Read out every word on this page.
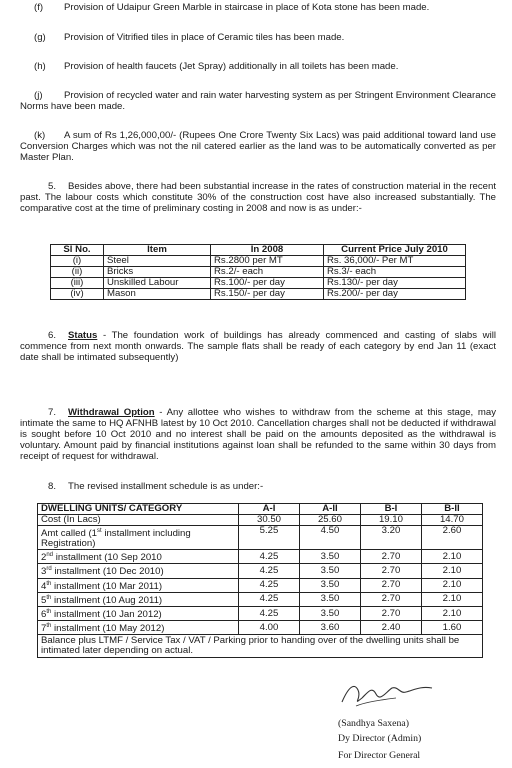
(f) Provision of Udaipur Green Marble in staircase in place of Kota stone has been made.
(g) Provision of Vitrified tiles in place of Ceramic tiles has been made.
(h) Provision of health faucets (Jet Spray) additionally in all toilets has been made.
(j) Provision of recycled water and rain water harvesting system as per Stringent Environment Clearance Norms have been made.
(k) A sum of Rs 1,26,000,00/- (Rupees One Crore Twenty Six Lacs) was paid additional toward land use Conversion Charges which was not the nil catered earlier as the land was to be automatically converted as per Master Plan.
5. Besides above, there had been substantial increase in the rates of construction material in the recent past. The labour costs which constitute 30% of the construction cost have also increased substantially. The comparative cost at the time of preliminary costing in 2008 and now is as under:-
Sl No.	Item	In 2008	Current Price July 2010
(i)	Steel	Rs.2800 per MT	Rs. 36,000/- Per MT
(ii)	Bricks	Rs.2/- each	Rs.3/- each
(iii)	Unskilled Labour	Rs.100/- per day	Rs.130/- per day
(iv)	Mason	Rs.150/- per day	Rs.200/- per day
6. Status - The foundation work of buildings has already commenced and casting of slabs will commence from next month onwards. The sample flats shall be ready of each category by end Jan 11 (exact date shall be intimated subsequently)
7. Withdrawal Option - Any allottee who wishes to withdraw from the scheme at this stage, may intimate the same to HQ AFNHB latest by 10 Oct 2010. Cancellation charges shall not be deducted if withdrawal is sought before 10 Oct 2010 and no interest shall be paid on the amounts deposited as the withdrawal is voluntary. Amount paid by financial institutions against loan shall be refunded to the same within 30 days from receipt of request for withdrawal.
8. The revised installment schedule is as under:-
DWELLING UNITS/ CATEGORY	A-I	A-II	B-I	B-II
Cost (In Lacs)	30.50	25.60	19.10	14.70
Amt called (1st installment including Registration)	5.25	4.50	3.20	2.60
2nd installment (10 Sep 2010	4.25	3.50	2.70	2.10
3rd installment (10 Dec 2010)	4.25	3.50	2.70	2.10
4th installment (10 Mar 2011)	4.25	3.50	2.70	2.10
5th installment (10 Aug 2011)	4.25	3.50	2.70	2.10
6th installment (10 Jan 2012)	4.25	3.50	2.70	2.10
7th installment (10 May 2012)	4.00	3.60	2.40	1.60
Balance plus LTMF / Service Tax / VAT / Parking prior to handing over of the dwelling units shall be intimated later depending on actual.				
(Sandhya Saxena)
Dy Director (Admin)
For Director General
